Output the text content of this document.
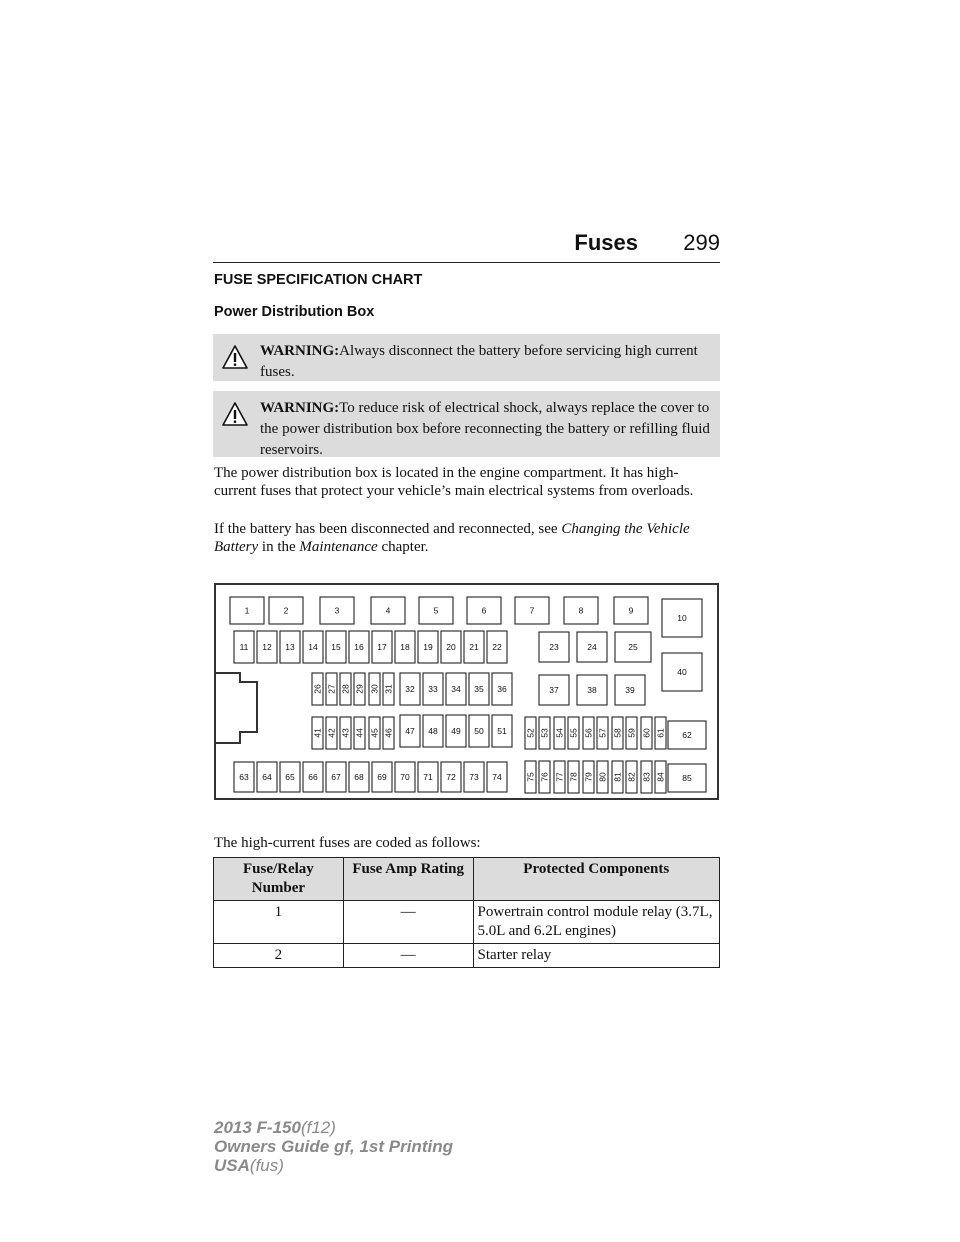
Fuses 299
FUSE SPECIFICATION CHART
Power Distribution Box
WARNING:Always disconnect the battery before servicing high current fuses.
WARNING:To reduce risk of electrical shock, always replace the cover to the power distribution box before reconnecting the battery or refilling fluid reservoirs.

The power distribution box is located in the engine compartment. It has high-current fuses that protect your vehicle’s main electrical systems from overloads.

If the battery has been disconnected and reconnected, see Changing the Vehicle Battery in the Maintenance chapter.

1	2	3	4	5	6	7	8	9
10
11 12 13 14 15 16 17 18 19 20 21 22	23	24	25
40
26 27 28 29 30 31 32 33 34 35 36	37	38	39
41 42 43 44 45 46 47 48 49 50 51 52 53 54 55 56 57 58 59 60 61 62
63 64 65 66 67 68 69 70 71 72 73 74	75 76 77 78 79 80 81 82 83 84 85

The high-current fuses are coded as follows:

Fuse/Relay Number	Fuse Amp Rating	Protected Components
1	—	Powertrain control module relay (3.7L, 5.0L and 6.2L engines)
2	—	Starter relay
2013 F-150(f12)
Owners Guide gf, 1st Printing
USA(fus)
